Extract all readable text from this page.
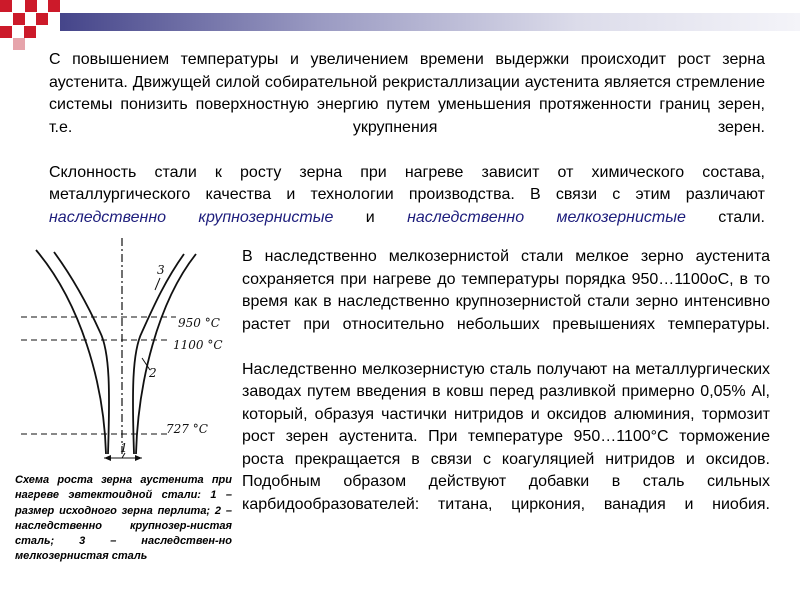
С повышением температуры и увеличением времени выдержки происходит рост зерна аустенита. Движущей силой собирательной рекристаллизации аустенита является стремление системы понизить поверхностную энергию путем уменьшения протяженности границ зерен, т.е. укрупнения зерен.

Склонность стали к росту зерна при нагреве зависит от химического состава, металлургического качества и технологии производства. В связи с этим различают наследственно крупнозернистые и наследственно мелкозернистые стали.

3
2
1
950 °C
1100 °C
727 °C

Схема роста зерна аустенита при нагреве эвтектоидной стали: 1 – размер исходного зерна перлита; 2 – наследственно крупнозер-нистая сталь; 3 – наследствен-но мелкозернистая сталь

В наследственно мелкозернистой стали мелкое зерно аустенита сохраняется при нагреве до температуры порядка 950…1100оС, в то время как в наследственно крупнозернистой стали зерно интенсивно растет при относительно небольших превышениях температуры.

Наследственно мелкозернистую сталь получают на металлургических заводах путем введения в ковш перед разливкой примерно 0,05% Al, который, образуя частички нитридов и оксидов алюминия, тормозит рост зерен аустенита. При температуре 950…1100°С торможение роста прекращается в связи с коагуляцией нитридов и оксидов. Подобным образом действуют добавки в сталь сильных карбидообразователей: титана, циркония, ванадия и ниобия.
